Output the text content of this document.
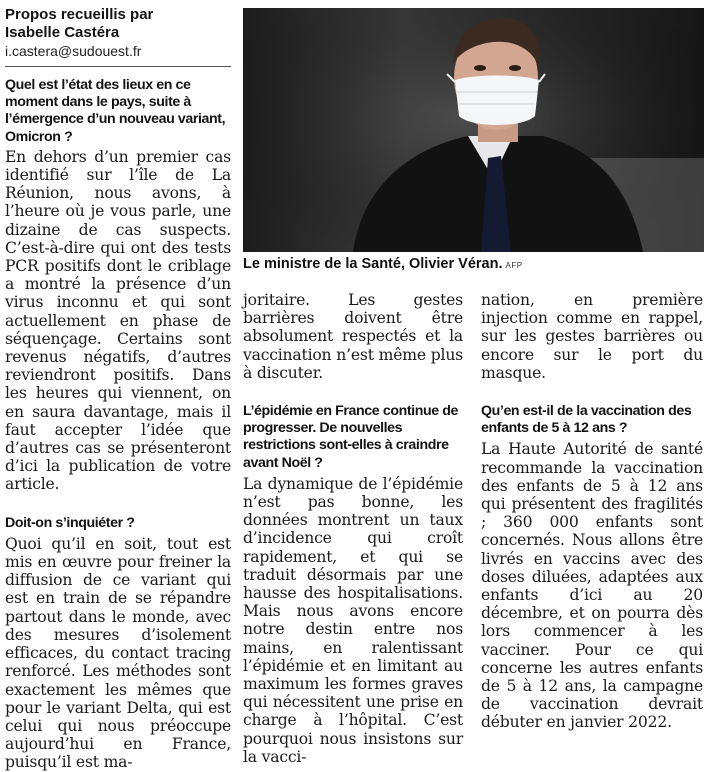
Propos recueillis par
Isabelle Castéra
i.castera@sudouest.fr

Quel est l’état des lieux en ce moment dans le pays, suite à l’émergence d’un nouveau variant, Omicron ?

En dehors d’un premier cas identifié sur l’île de La Réunion, nous avons, à l’heure où je vous parle, une dizaine de cas suspects. C’est-à-dire qui ont des tests PCR positifs dont le criblage a montré la présence d’un virus inconnu et qui sont actuellement en phase de séquençage. Certains sont revenus négatifs, d’autres reviendront positifs. Dans les heures qui viennent, on en saura davantage, mais il faut accepter l’idée que d’autres cas se présenteront d’ici la publication de votre article.

Doit-on s’inquiéter ?

Quoi qu’il en soit, tout est mis en œuvre pour freiner la diffusion de ce variant qui est en train de se répandre partout dans le monde, avec des mesures d’isolement efficaces, du contact tracing renforcé. Les méthodes sont exactement les mêmes que pour le variant Delta, qui est celui qui nous préoccupe aujourd’hui en France, puisqu’il est ma-

Le ministre de la Santé, Olivier Véran. AFP

joritaire. Les gestes barrières doivent être absolument respectés et la vaccination n’est même plus à discuter.

L’épidémie en France continue de progresser. De nouvelles restrictions sont-elles à craindre avant Noël ?

La dynamique de l’épidémie n’est pas bonne, les données montrent un taux d’incidence qui croît rapidement, et qui se traduit désormais par une hausse des hospitalisations. Mais nous avons encore notre destin entre nos mains, en ralentissant l’épidémie et en limitant au maximum les formes graves qui nécessitent une prise en charge à l’hôpital. C’est pourquoi nous insistons sur la vacci-

nation, en première injection comme en rappel, sur les gestes barrières ou encore sur le port du masque.

Qu’en est-il de la vaccination des enfants de 5 à 12 ans ?

La Haute Autorité de santé recommande la vaccination des enfants de 5 à 12 ans qui présentent des fragilités ; 360 000 enfants sont concernés. Nous allons être livrés en vaccins avec des doses diluées, adaptées aux enfants d’ici au 20 décembre, et on pourra dès lors commencer à les vacciner. Pour ce qui concerne les autres enfants de 5 à 12 ans, la campagne de vaccination devrait débuter en janvier 2022.
